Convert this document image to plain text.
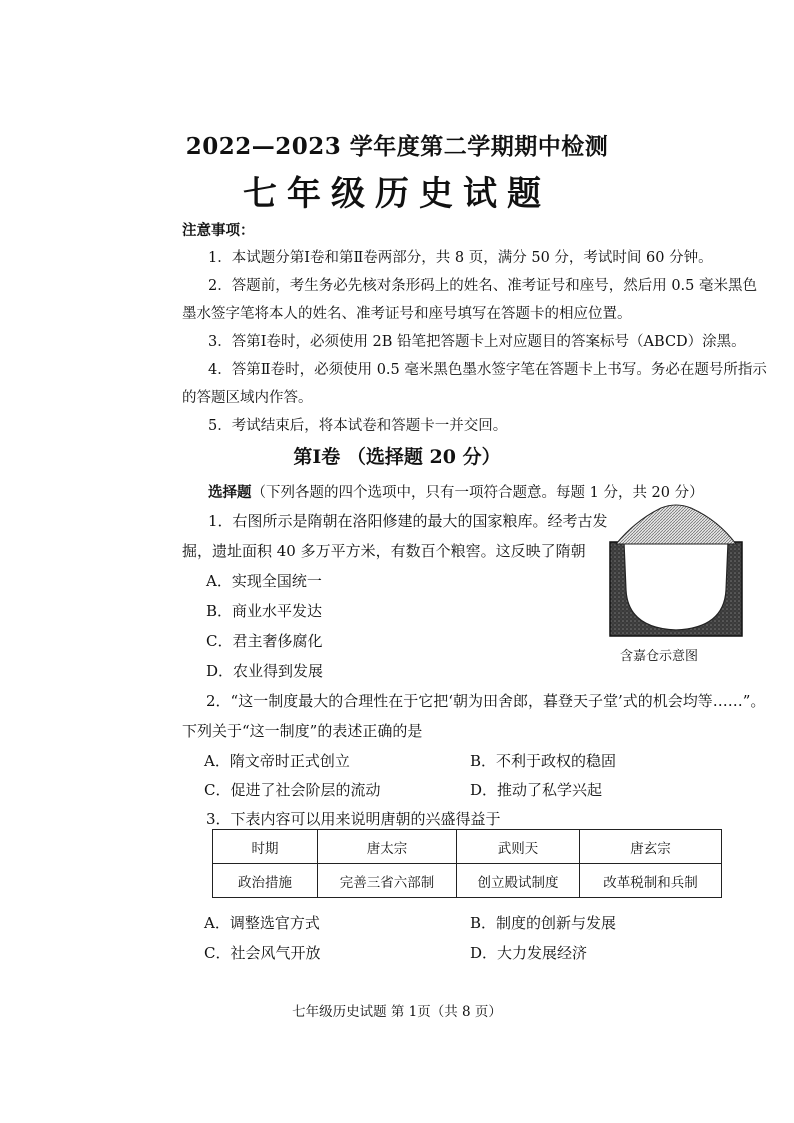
2022—2023 学年度第二学期期中检测
七年级历史试题
注意事项：
1．本试题分第Ⅰ卷和第Ⅱ卷两部分，共 8 页，满分 50 分，考试时间 60 分钟。
2．答题前，考生务必先核对条形码上的姓名、准考证号和座号，然后用 0.5 毫米黑色
墨水签字笔将本人的姓名、准考证号和座号填写在答题卡的相应位置。
3．答第Ⅰ卷时，必须使用 2B 铅笔把答题卡上对应题目的答案标号（ABCD）涂黑。
4．答第Ⅱ卷时，必须使用 0.5 毫米黑色墨水签字笔在答题卡上书写。务必在题号所指示
的答题区域内作答。
5．考试结束后，将本试卷和答题卡一并交回。
第Ⅰ卷 （选择题 20 分）
选择题（下列各题的四个选项中，只有一项符合题意。每题 1 分，共 20 分）
1．右图所示是隋朝在洛阳修建的最大的国家粮库。经考古发
掘，遗址面积 40 多万平方米，有数百个粮窖。这反映了隋朝
A．实现全国统一
B．商业水平发达
C．君主奢侈腐化
D．农业得到发展
含嘉仓示意图
2．“这一制度最大的合理性在于它把‘朝为田舍郎，暮登天子堂’式的机会均等……”。
下列关于“这一制度”的表述正确的是
A．隋文帝时正式创立	B．不利于政权的稳固
C．促进了社会阶层的流动	D．推动了私学兴起
3．下表内容可以用来说明唐朝的兴盛得益于
时期	唐太宗	武则天	唐玄宗
政治措施	完善三省六部制	创立殿试制度	改革税制和兵制
A．调整选官方式	B．制度的创新与发展
C．社会风气开放	D．大力发展经济
七年级历史试题 第 1页（共 8 页）
